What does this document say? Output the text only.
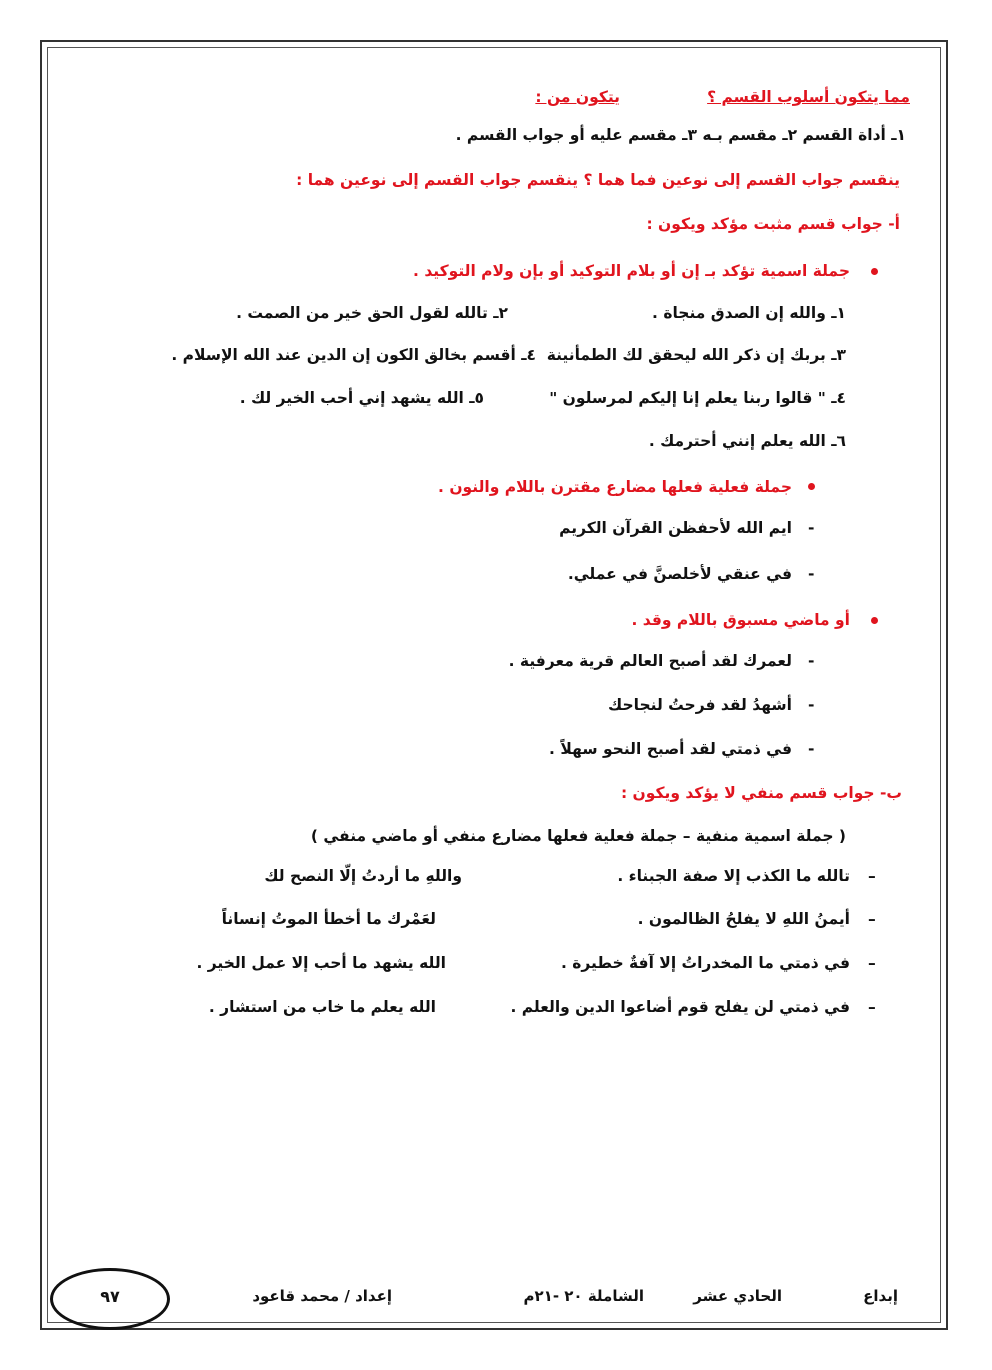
مما يتكون أسلوب القسم ؟
يتكون من :
١ـ أداة القسم ٢ـ مقسم بـه ٣ـ مقسم عليه أو جواب القسم .
ينقسم جواب القسم إلى نوعين فما هما ؟ ينقسم جواب القسم إلى نوعين هما :
أ- جواب قسم مثبت مؤكد ويكون :
جملة اسمية تؤكد بـ إن أو بلام التوكيد أو بإن ولام التوكيد .
١ـ والله إن الصدق منجاة .
٢ـ تالله لقول الحق خير من الصمت .
٣ـ بربك إن ذكر الله ليحقق لك الطمأنينة
٤ـ أقسم بخالق الكون إن الدين عند الله الإسلام .
٤ـ " قالوا ربنا يعلم إنا إليكم لمرسلون "
٥ـ الله يشهد إني أحب الخير لك .
٦ـ الله يعلم إنني أحترمك .
جملة فعلية فعلها مضارع مقترن باللام والنون .
-
ايم الله لأحفظن القرآن الكريم
-
في عنقي لأخلصنَّ في عملي.
أو ماضي مسبوق باللام وقد .
-
لعمرك لقد أصبح العالم قرية معرفية .
-
أشهدُ لقد فرحتُ لنجاحك
-
في ذمتي لقد أصبح النحو سهلاً .
ب- جواب قسم منفي لا يؤكد ويكون :
( جملة اسمية منفية – جملة فعلية فعلها مضارع منفي أو ماضي منفي )
–
تالله ما الكذب إلا صفة الجبناء .
واللهِ ما أردتُ إلّا النصح لك
–
أيمنُ اللهِ لا يفلحُ الظالمون .
لعَمْرك ما أخطأ الموتُ إنساناً
–
في ذمتي ما المخدراتُ إلا آفةٌ خطيرة .
الله يشهد ما أحب إلا عمل الخير .
–
في ذمتي لن يفلح قوم أضاعوا الدين والعلم .
الله يعلم ما خاب من استشار .
إبداع
الحادي عشر
الشاملة ٢٠ -٢١م
إعداد / محمد قاعود
٩٧
